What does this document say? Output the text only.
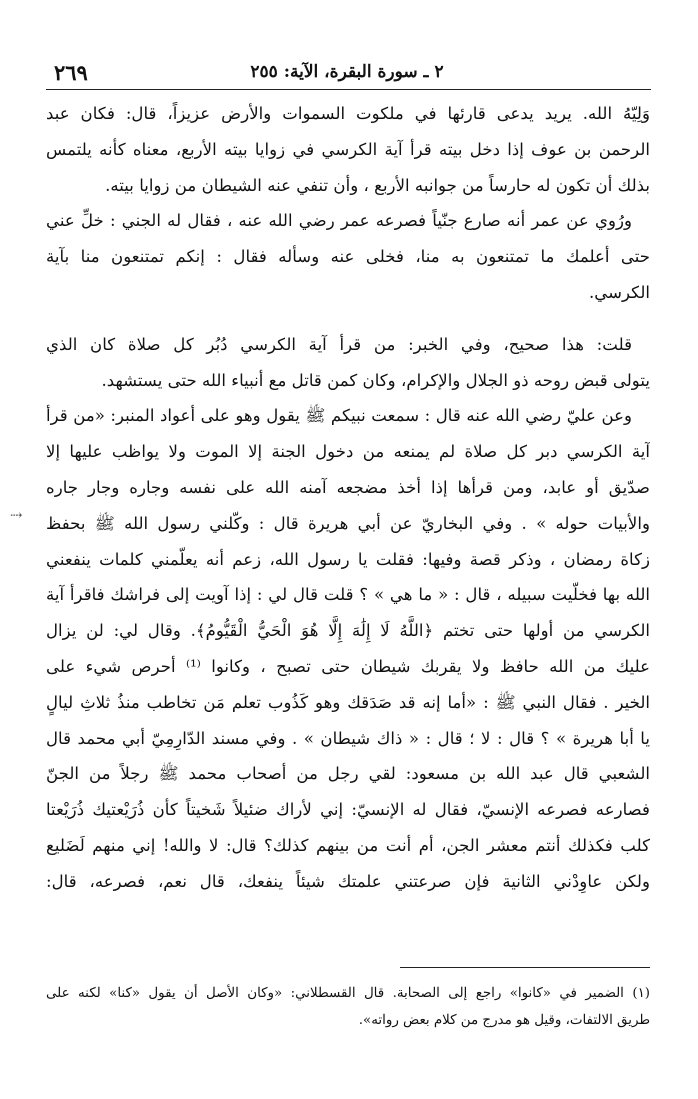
٢٦٩	٢ ـ سورة البقرة، الآية: ٢٥٥
وَلِيّهُ الله. يريد يدعى قارئها في ملكوت السموات والأرض عزيزاً، قال: فكان عبد
الرحمن بن عوف إذا دخل بيته قرأ آية الكرسي في زوايا بيته الأربع، معناه كأنه يلتمس
بذلك أن تكون له حارساً من جوانبه الأربع ، وأن تنفي عنه الشيطان من زوايا بيته.
ورُوي عن عمر أنه صارع جنّياً فصرعه عمر رضي الله عنه ، فقال له الجني : خلِّ عني
حتى أعلمك ما تمتنعون به منا، فخلى عنه وسأله فقال : إنكم تمتنعون منا بآية
الكرسي.
قلت: هذا صحيح، وفي الخبر: من قرأ آية الكرسي دُبُر كل صلاة كان الذي
يتولى قبض روحه ذو الجلال والإكرام، وكان كمن قاتل مع أنبياء الله حتى يستشهد.
وعن عليّ رضي الله عنه قال : سمعت نبيكم ﷺ يقول وهو على أعواد المنبر: «من قرأ
آية الكرسي دبر كل صلاة لم يمنعه من دخول الجنة إلا الموت ولا يواظب عليها إلا
صدّيق أو عابد، ومن قرأها إذا أخذ مضجعه آمنه الله على نفسه وجاره وجار جاره
والأبيات حوله » . وفي البخاريّ عن أبي هريرة قال : وكّلني رسول الله ﷺ بحفظ
زكاة رمضان ، وذكر قصة وفيها: فقلت يا رسول الله، زعم أنه يعلّمني كلمات ينفعني
الله بها فخلّيت سبيله ، قال : « ما هي » ؟ قلت قال لي : إذا آويت إلى فراشك فاقرأ آية
الكرسي من أولها حتى تختم ﴿اللَّهُ لَا إِلَٰهَ إِلَّا هُوَ الْحَيُّ الْقَيُّومُ﴾. وقال لي: لن يزال
عليك من الله حافظ ولا يقربك شيطان حتى تصبح ، وكانوا ⁽¹⁾ أحرص شيء على
الخير . فقال النبي ﷺ : «أما إنه قد صَدَقك وهو كَذُوب تعلم مَن تخاطب منذُ ثلاثِ ليالٍ
يا أبا هريرة » ؟ قال : لا ؛ قال : « ذاك شيطان » . وفي مسند الدّارِمِيّ أبي محمد قال
الشعبي قال عبد الله بن مسعود: لقي رجل من أصحاب محمد ﷺ رجلاً من الجنّ
فصارعه فصرعه الإنسيّ، فقال له الإنسيّ: إني لأراك ضئيلاً شَخيتاً كأن ذُرَيْعتيك ذُرَيْعتا
كلب فكذلك أنتم معشر الجن، أم أنت من بينهم كذلك؟ قال: لا والله! إني منهم لَضَليع
ولكن عاوِدْني الثانية فإن صرعتني علمتك شيئاً ينفعك، قال نعم، فصرعه، قال:
⇢
(١) الضمير في «كانوا» راجع إلى الصحابة. قال القسطلاني: «وكان الأصل أن يقول «كنا» لكنه على
طريق الالتفات، وقيل هو مدرج من كلام بعض رواته».
